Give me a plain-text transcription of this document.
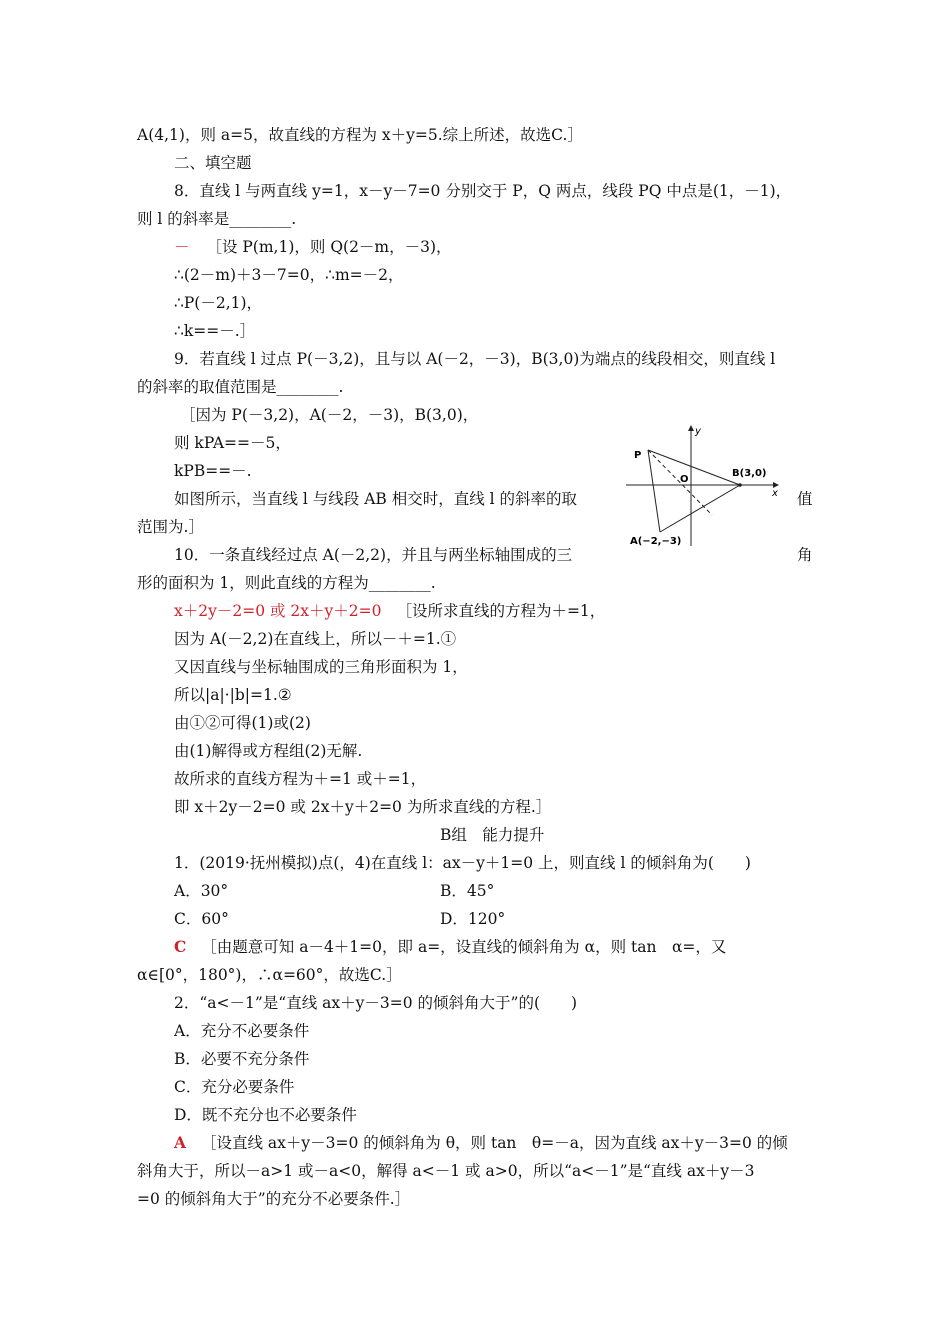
A(4,1)，则 a=5，故直线的方程为 x＋y=5.综上所述，故选C.］
二、填空题
8．直线 l 与两直线 y=1，x－y－7=0 分别交于 P，Q 两点，线段 PQ 中点是(1，－1)，
则 l 的斜率是________.
－ ［设 P(m,1)，则 Q(2－m，－3)，
∴(2－m)＋3－7=0，∴m=－2，
∴P(－2,1)，
∴k==－.］
9．若直线 l 过点 P(－3,2)，且与以 A(－2，－3)，B(3,0)为端点的线段相交，则直线 l
的斜率的取值范围是________.
［因为 P(－3,2)，A(－2，－3)，B(3,0)，
则 kPA==－5，
kPB==－.
如图所示，当直线 l 与线段 AB 相交时，直线 l 的斜率的取
范围为.］
值
角
y
x
O
P
B(3,0)
A(−2,−3)
10．一条直线经过点 A(－2,2)，并且与两坐标轴围成的三
形的面积为 1，则此直线的方程为________.
x＋2y－2=0 或 2x＋y＋2=0 ［设所求直线的方程为＋=1，
因为 A(－2,2)在直线上，所以－＋=1.①
又因直线与坐标轴围成的三角形面积为 1，
所以|a|·|b|=1.②
由①②可得(1)或(2)
由(1)解得或方程组(2)无解.
故所求的直线方程为＋=1 或＋=1，
即 x＋2y－2=0 或 2x＋y＋2=0 为所求直线的方程.］
B组　能力提升
1．(2019·抚州模拟)点(，4)在直线 l：ax－y＋1=0 上，则直线 l 的倾斜角为(　　)
A．30°	B．45°
C．60°	D．120°
C ［由题意可知 a－4＋1=0，即 a=，设直线的倾斜角为 α，则 tan　α=，又
α∈[0°，180°)，∴α=60°，故选C.］
2．“a<－1”是“直线 ax＋y－3=0 的倾斜角大于”的(　　)
A．充分不必要条件
B．必要不充分条件
C．充分必要条件
D．既不充分也不必要条件
A ［设直线 ax＋y－3=0 的倾斜角为 θ，则 tan　θ=－a，因为直线 ax＋y－3=0 的倾
斜角大于，所以－a>1 或－a<0，解得 a<－1 或 a>0，所以“a<－1”是“直线 ax＋y－3
=0 的倾斜角大于”的充分不必要条件.］
